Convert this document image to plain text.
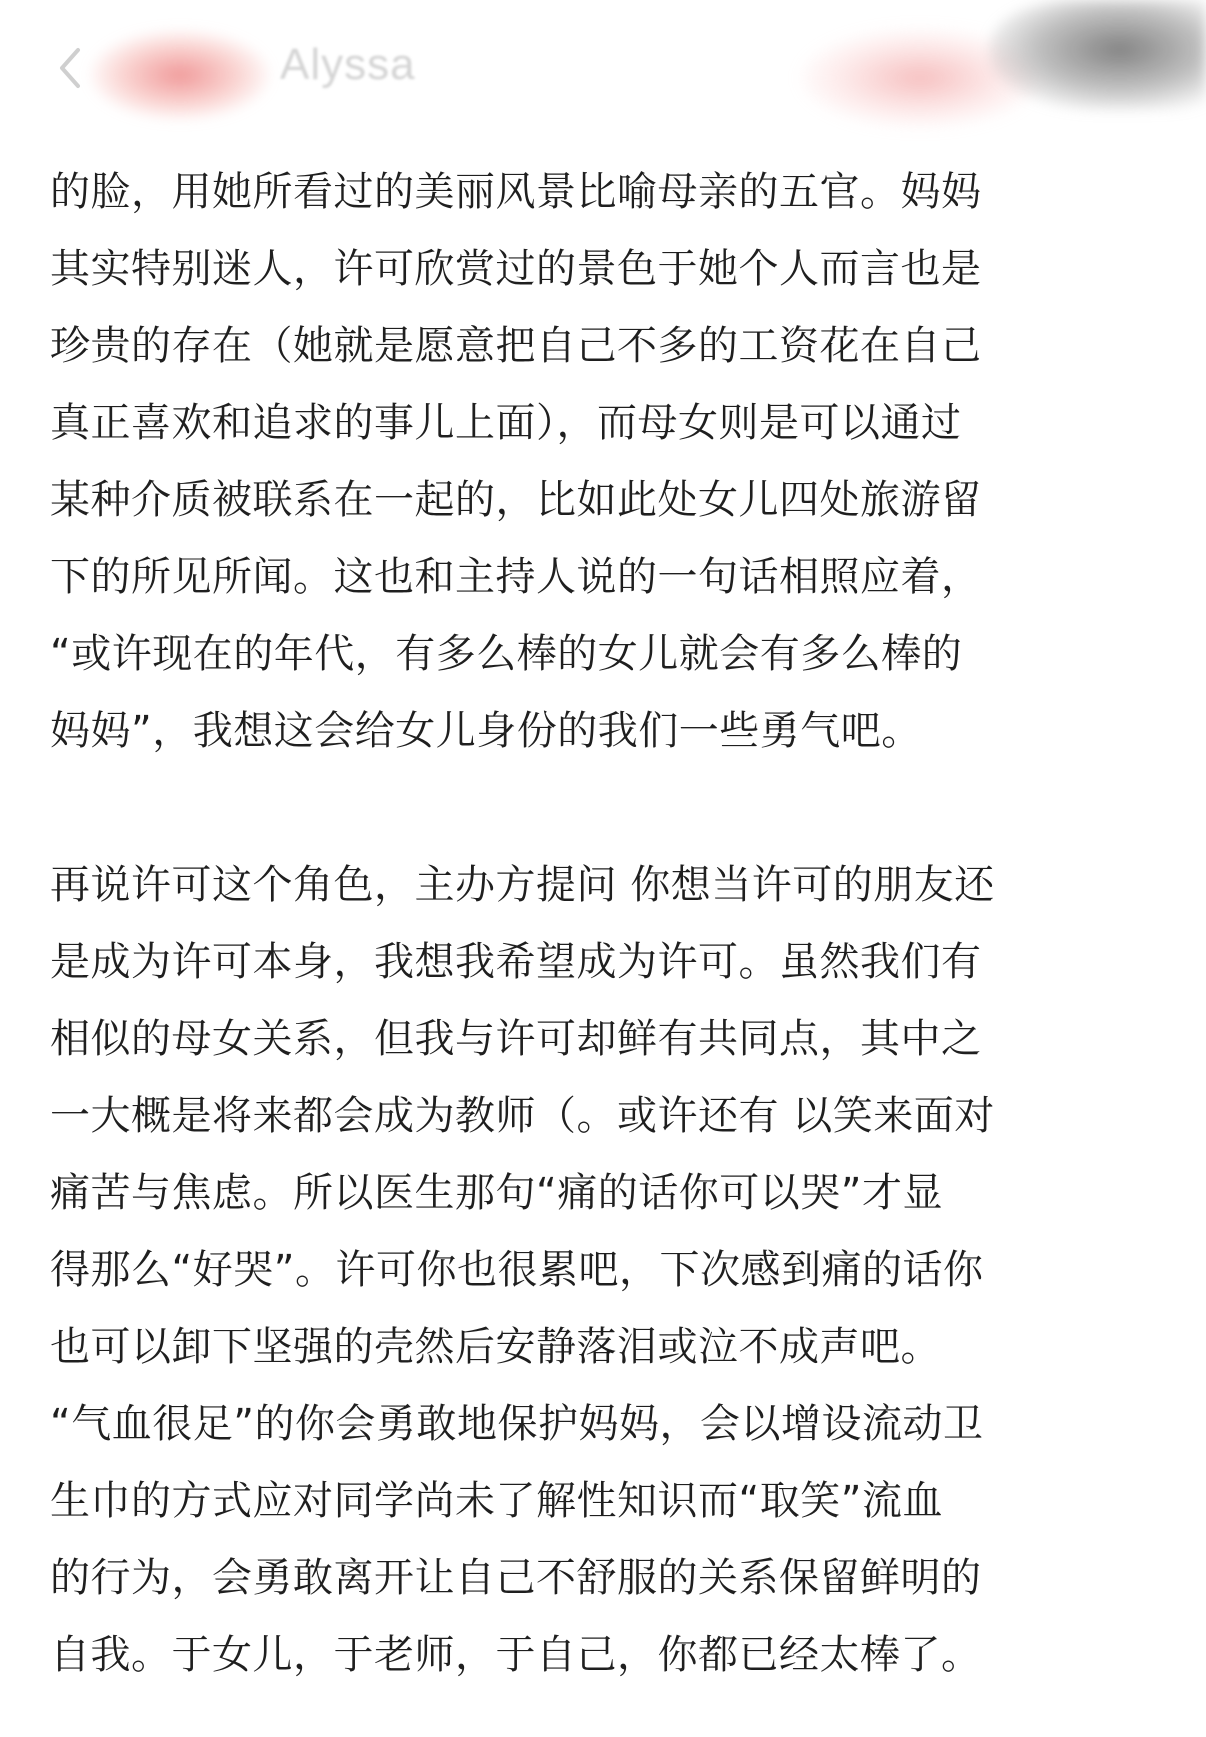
Alyssa

的脸，用她所看过的美丽风景比喻母亲的五官。妈妈

其实特别迷人，许可欣赏过的景色于她个人而言也是

珍贵的存在（她就是愿意把自己不多的工资花在自己

真正喜欢和追求的事儿上面），而母女则是可以通过

某种介质被联系在一起的，比如此处女儿四处旅游留

下的所见所闻。这也和主持人说的一句话相照应着，

“或许现在的年代，有多么棒的女儿就会有多么棒的

妈妈”，我想这会给女儿身份的我们一些勇气吧。

再说许可这个角色，主办方提问 你想当许可的朋友还

是成为许可本身，我想我希望成为许可。虽然我们有

相似的母女关系，但我与许可却鲜有共同点，其中之

一大概是将来都会成为教师（。或许还有 以笑来面对

痛苦与焦虑。所以医生那句“痛的话你可以哭”才显

得那么“好哭”。许可你也很累吧，下次感到痛的话你

也可以卸下坚强的壳然后安静落泪或泣不成声吧。

“气血很足”的你会勇敢地保护妈妈，会以增设流动卫

生巾的方式应对同学尚未了解性知识而“取笑”流血

的行为，会勇敢离开让自己不舒服的关系保留鲜明的

自我。于女儿，于老师，于自己，你都已经太棒了。
